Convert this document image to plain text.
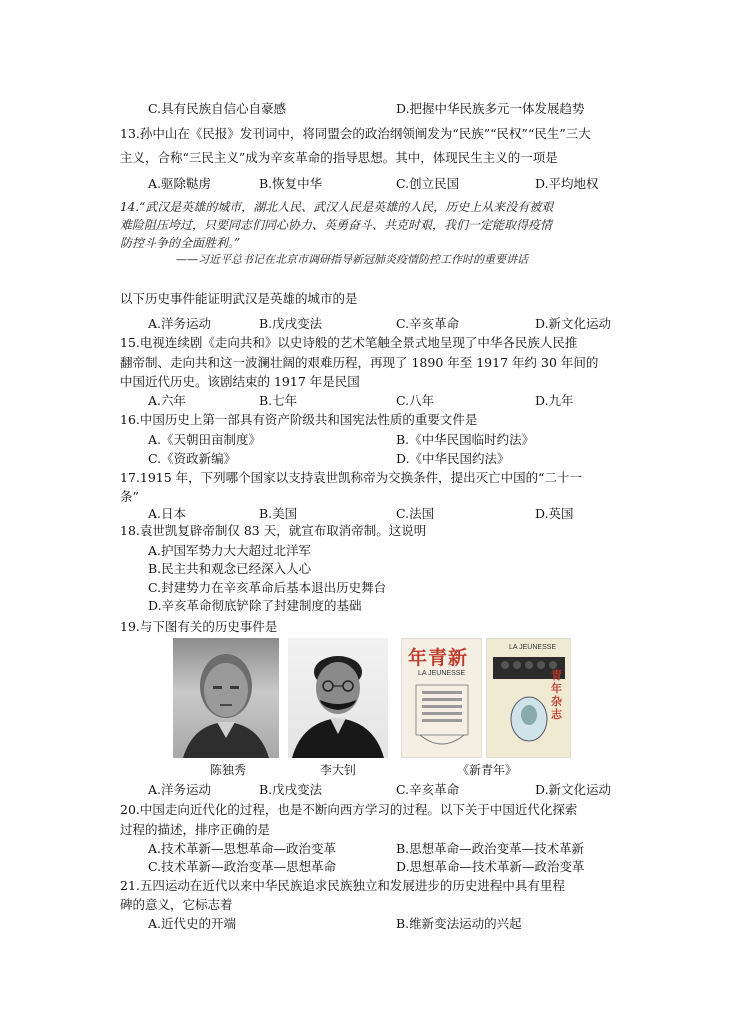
C.具有民族自信心自豪感	D.把握中华民族多元一体发展趋势
13.孙中山在《民报》发刊词中，将同盟会的政治纲领阐发为“民族”“民权”“民生”三大
主义，合称“三民主义”成为辛亥革命的指导思想。其中，体现民生主义的一项是
A.驱除鞑虏	B.恢复中华	C.创立民国	D.平均地权
14.“武汉是英雄的城市，湖北人民、武汉人民是英雄的人民，历史上从来没有被艰
难险阻压垮过，只要同志们同心协力、英勇奋斗、共克时艰，我们一定能取得疫情
防控斗争的全面胜利。”
——习近平总书记在北京市调研指导新冠肺炎疫情防控工作时的重要讲话
以下历史事件能证明武汉是英雄的城市的是
A.洋务运动	B.戊戌变法	C.辛亥革命	D.新文化运动
15.电视连续剧《走向共和》以史诗般的艺术笔触全景式地呈现了中华各民族人民推
翻帝制、走向共和这一波澜壮阔的艰难历程，再现了 1890 年至 1917 年约 30 年间的
中国近代历史。该剧结束的 1917 年是民国
A.六年	B.七年	C.八年	D.九年
16.中国历史上第一部具有资产阶级共和国宪法性质的重要文件是
A.《天朝田亩制度》	B.《中华民国临时约法》
C.《资政新编》	D.《中华民国约法》
17.1915 年，下列哪个国家以支持袁世凯称帝为交换条件，提出灭亡中国的“二十一
条”
A.日本	B.美国	C.法国	D.英国
18.袁世凯复辟帝制仅 83 天，就宣布取消帝制。这说明
A.护国军势力大大超过北洋军
B.民主共和观念已经深入人心
C.封建势力在辛亥革命后基本退出历史舞台
D.辛亥革命彻底铲除了封建制度的基础
19.与下图有关的历史事件是
陈独秀	李大钊
年青新
LA JEUNESSE
LA JEUNESSE
青年杂志
《新青年》
A.洋务运动	B.戊戌变法	C.辛亥革命	D.新文化运动
20.中国走向近代化的过程，也是不断向西方学习的过程。以下关于中国近代化探索
过程的描述，排序正确的是
A.技术革新—思想革命—政治变革	B.思想革命—政治变革—技术革新
C.技术革新—政治变革—思想革命	D.思想革命—技术革新—政治变革
21.五四运动在近代以来中华民族追求民族独立和发展进步的历史进程中具有里程
碑的意义，它标志着
A.近代史的开端	B.维新变法运动的兴起
